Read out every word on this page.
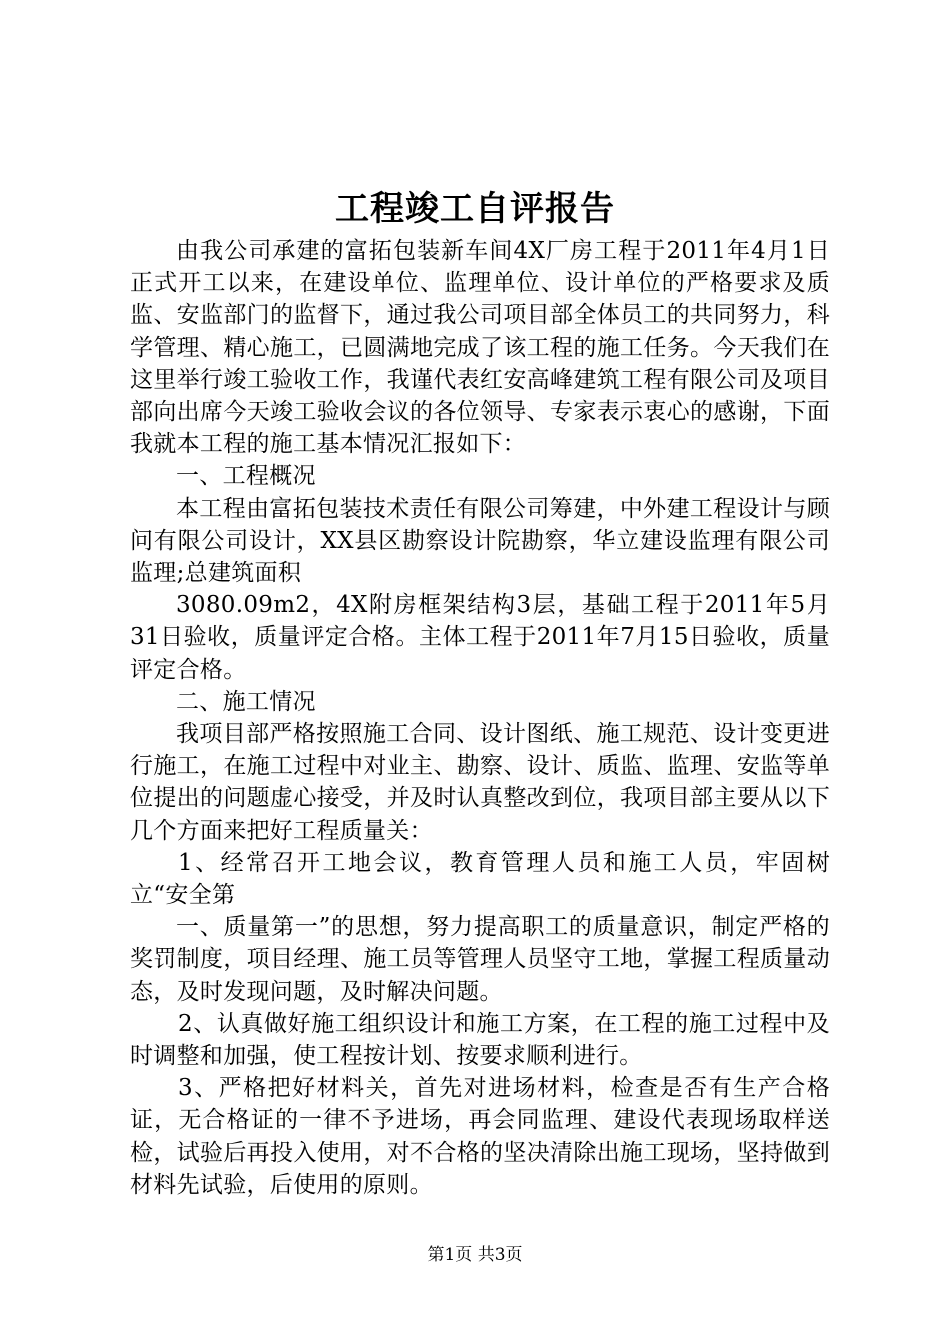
工程竣工自评报告

由我公司承建的富拓包装新车间4X厂房工程于2011年4月1日正式开工以来，在建设单位、监理单位、设计单位的严格要求及质监、安监部门的监督下，通过我公司项目部全体员工的共同努力，科学管理、精心施工，已圆满地完成了该工程的施工任务。今天我们在这里举行竣工验收工作，我谨代表红安高峰建筑工程有限公司及项目部向出席今天竣工验收会议的各位领导、专家表示衷心的感谢，下面我就本工程的施工基本情况汇报如下：

一、工程概况

本工程由富拓包装技术责任有限公司筹建，中外建工程设计与顾问有限公司设计，XX县区勘察设计院勘察，华立建设监理有限公司监理;总建筑面积

3080.09m2，4X附房框架结构3层，基础工程于2011年5月31日验收，质量评定合格。主体工程于2011年7月15日验收，质量评定合格。

二、施工情况

我项目部严格按照施工合同、设计图纸、施工规范、设计变更进行施工，在施工过程中对业主、勘察、设计、质监、监理、安监等单位提出的问题虚心接受，并及时认真整改到位，我项目部主要从以下几个方面来把好工程质量关：

1、经常召开工地会议，教育管理人员和施工人员，牢固树立“安全第

一、质量第一”的思想，努力提高职工的质量意识，制定严格的奖罚制度，项目经理、施工员等管理人员坚守工地，掌握工程质量动态，及时发现问题，及时解决问题。

2、认真做好施工组织设计和施工方案，在工程的施工过程中及时调整和加强，使工程按计划、按要求顺利进行。

3、严格把好材料关，首先对进场材料，检查是否有生产合格证，无合格证的一律不予进场，再会同监理、建设代表现场取样送检，试验后再投入使用，对不合格的坚决清除出施工现场，坚持做到材料先试验，后使用的原则。

第1页 共3页
